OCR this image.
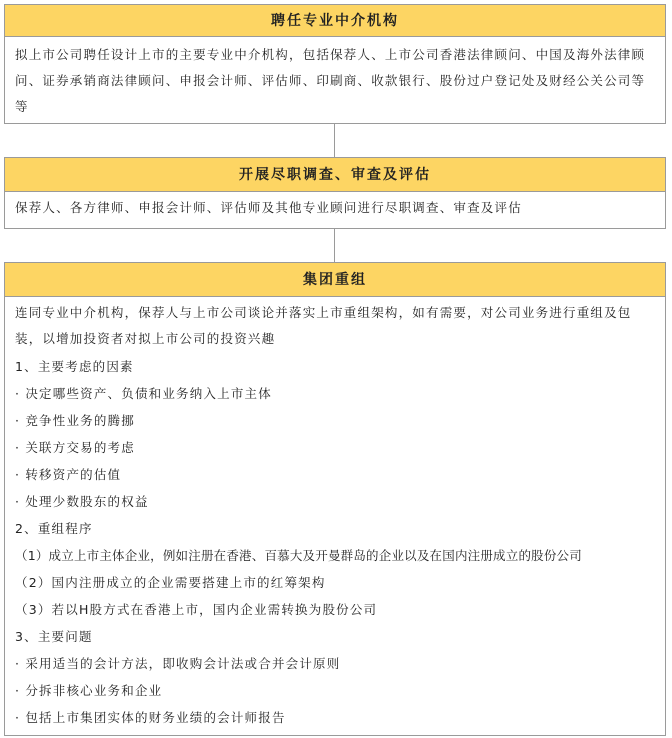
聘任专业中介机构
拟上市公司聘任设计上市的主要专业中介机构，包括保荐人、上市公司香港法律顾问、中国及海外法律顾问、证券承销商法律顾问、申报会计师、评估师、印刷商、收款银行、股份过户登记处及财经公关公司等等
开展尽职调查、审查及评估
保荐人、各方律师、申报会计师、评估师及其他专业顾问进行尽职调查、审查及评估
集团重组
连同专业中介机构，保荐人与上市公司谈论并落实上市重组架构，如有需要，对公司业务进行重组及包装，以增加投资者对拟上市公司的投资兴趣
1、主要考虑的因素
· 决定哪些资产、负债和业务纳入上市主体
· 竞争性业务的腾挪
· 关联方交易的考虑
· 转移资产的估值
· 处理少数股东的权益
2、重组程序
（1）成立上市主体企业，例如注册在香港、百慕大及开曼群岛的企业以及在国内注册成立的股份公司
（2）国内注册成立的企业需要搭建上市的红筹架构
（3）若以H股方式在香港上市，国内企业需转换为股份公司
3、主要问题
· 采用适当的会计方法，即收购会计法或合并会计原则
· 分拆非核心业务和企业
· 包括上市集团实体的财务业绩的会计师报告
